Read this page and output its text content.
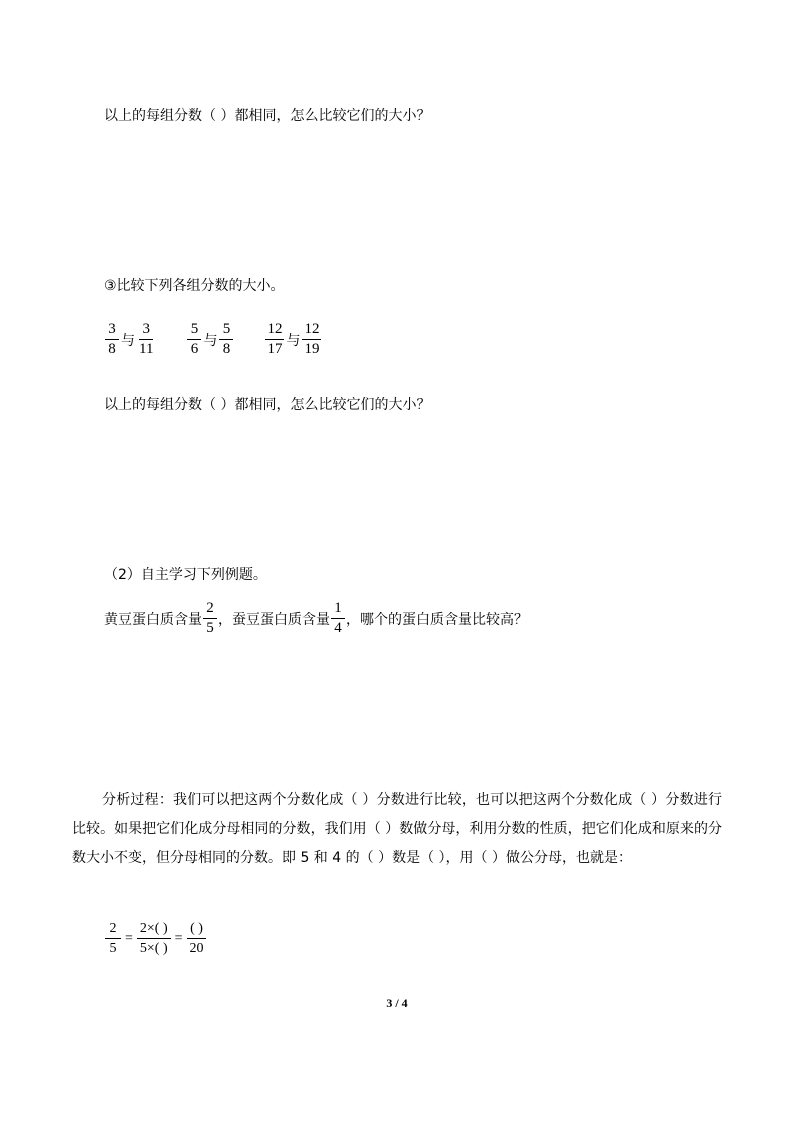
以上的每组分数（ ）都相同，怎么比较它们的大小？
③比较下列各组分数的大小。
$\frac{3}{8}$ 与 $\frac{3}{11} \frac{5}{6}$ 与 $\frac{5}{8} \frac{12}{17}$ 与 $\frac{12}{19}$
以上的每组分数（ ）都相同，怎么比较它们的大小？
（2）自主学习下列例题。
黄豆蛋白质含量 $\frac{2}{5}$ ，蚕豆蛋白质含量 $\frac{1}{4}$ ，哪个的蛋白质含量比较高？
分析过程：我们可以把这两个分数化成（ ）分数进行比较，也可以把这两个分数化成（ ）分数进行比较。如果把它们化成分母相同的分数，我们用（ ）数做分母，利用分数的性质，把它们化成和原来的分数大小不变，但分母相同的分数。即 5 和 4 的（ ）数是（ ），用（ ）做公分母，也就是：
$\frac{2}{5} = \frac{2\times( )}{5\times( )} = \frac{( )}{20}$
3 / 4
